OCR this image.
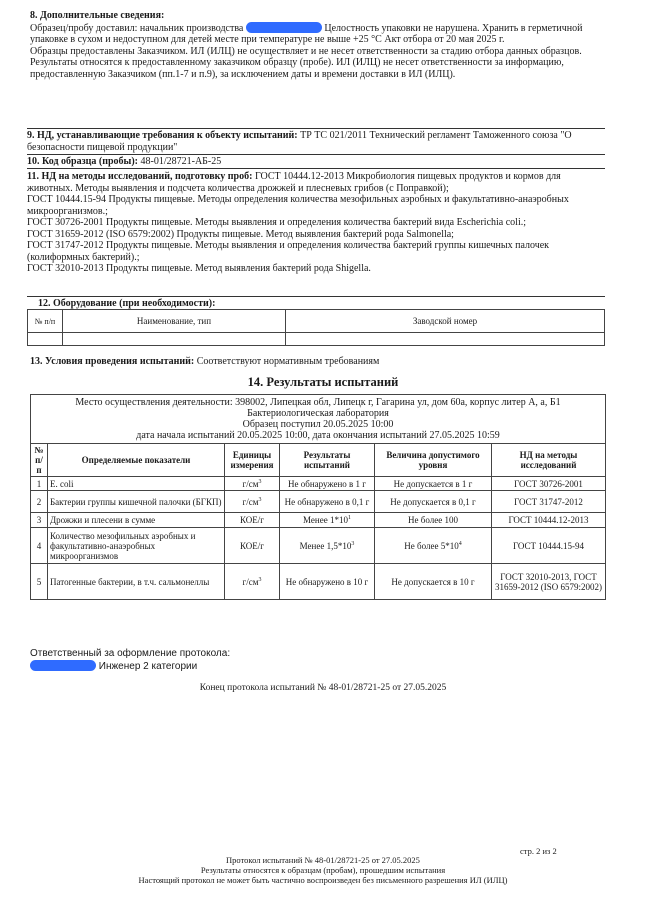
8. Дополнительные сведения:

Образец/пробу доставил: начальник производства	Целостность упаковки не нарушена. Хранить в герметичной упаковке в сухом и недоступном для детей месте при температуре не выше +25 °С Акт отбора от 20 мая 2025 г.

Образцы предоставлены Заказчиком. ИЛ (ИЛЦ) не осуществляет и не несет ответственности за стадию отбора данных образцов. Результаты относятся к предоставленному заказчиком образцу (пробе). ИЛ (ИЛЦ) не несет ответственности за информацию, предоставленную Заказчиком (пп.1-7 и п.9), за исключением даты и времени доставки в ИЛ (ИЛЦ).

9. НД, устанавливающие требования к объекту испытаний: ТР ТС 021/2011 Технический регламент Таможенного союза "О безопасности пищевой продукции"

10. Код образца (пробы): 48-01/28721-АБ-25

11. НД на методы исследований, подготовку проб: ГОСТ 10444.12-2013 Микробиология пищевых продуктов и кормов для животных. Методы выявления и подсчета количества дрожжей и плесневых грибов (с Поправкой);

ГОСТ 10444.15-94 Продукты пищевые. Методы определения количества мезофильных аэробных и факультативно-анаэробных микроорганизмов.;

ГОСТ 30726-2001 Продукты пищевые. Методы выявления и определения количества бактерий вида Escherichia coli.;

ГОСТ 31659-2012 (ISO 6579:2002) Продукты пищевые. Метод выявления бактерий рода Salmonella;

ГОСТ 31747-2012 Продукты пищевые. Методы выявления и определения количества бактерий группы кишечных палочек (колиформных бактерий).;

ГОСТ 32010-2013 Продукты пищевые. Метод выявления бактерий рода Shigella.

12. Оборудование (при необходимости):

№ п/п	Наименование, тип	Заводской номер

13. Условия проведения испытаний: Соответствуют нормативным требованиям
14. Результаты испытаний
Место осуществления деятельности: 398002, Липецкая обл, Липецк г, Гагарина ул, дом 60а, корпус литер А, а, Б1
Бактериологическая лаборатория
Образец поступил 20.05.2025 10:00
дата начала испытаний 20.05.2025 10:00, дата окончания испытаний 27.05.2025 10:59					

№ п/п	Определяемые показатели	Единицы измерения	Результаты испытаний	Величина допустимого уровня	НД на методы исследований
1	E. coli	$г/см^3$	Не обнаружено в 1 г	Не допускается в 1 г	ГОСТ 30726-2001
2	Бактерии группы кишечной палочки (БГКП)	$г/см^3$	Не обнаружено в 0,1 г	Не допускается в 0,1 г	ГОСТ 31747-2012
3	Дрожжи и плесени в сумме	КОЕ/г	Менее $1*10^1$	Не более 100	ГОСТ 10444.12-2013
4	Количество мезофильных аэробных и факультативно-анаэробных микроорганизмов	КОЕ/г	Менее $1,5*10^3$	Не более $5*10^4$	ГОСТ 10444.15-94
5	Патогенные бактерии, в т.ч. сальмонеллы	$г/см^3$	Не обнаружено в 10 г	Не допускается в 10 г	ГОСТ 32010-2013, ГОСТ 31659-2012 (ISO 6579:2002)
Ответственный за оформление протокола:
Инженер 2 категории
Конец протокола испытаний № 48-01/28721-25 от 27.05.2025
стр. 2 из 2
Протокол испытаний № 48-01/28721-25 от 27.05.2025
Результаты относятся к образцам (пробам), прошедшим испытания
Настоящий протокол не может быть частично воспроизведен без письменного разрешения ИЛ (ИЛЦ)
